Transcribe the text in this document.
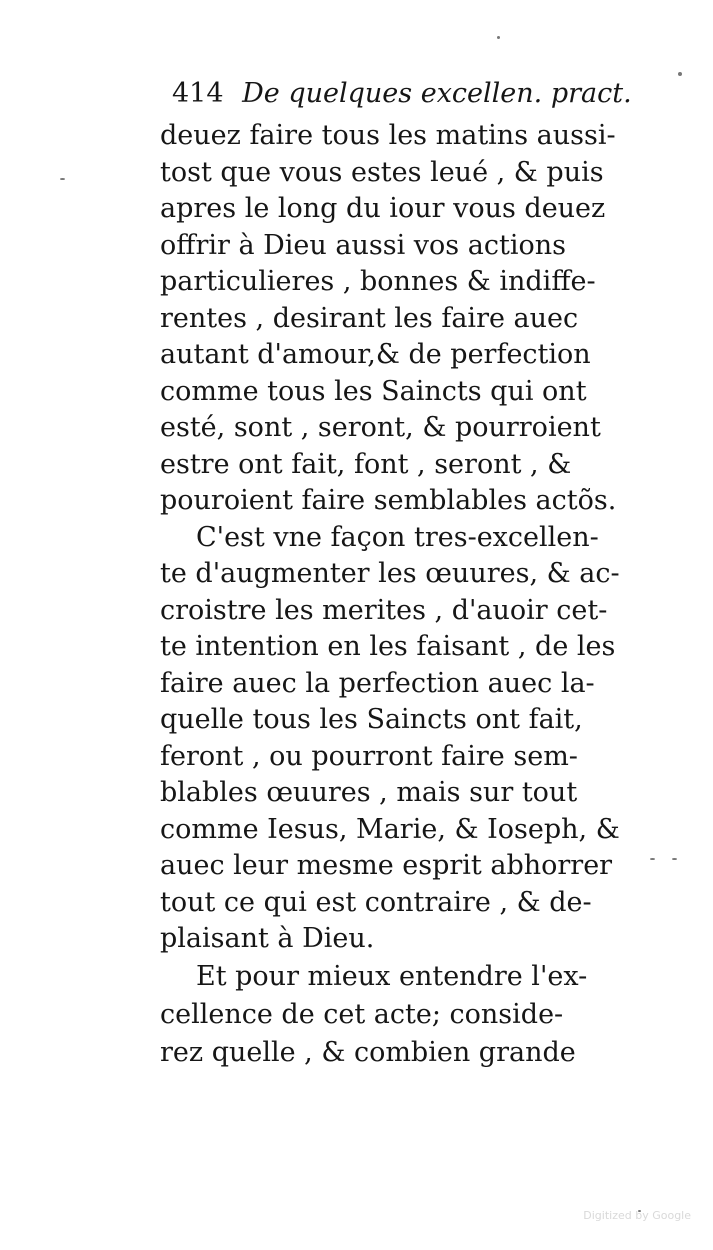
414 De quelques excellen. pract.
deuez faire tous les matins aussi-
tost que vous estes leué , & puis
apres le long du iour vous deuez
offrir à Dieu aussi vos actions
particulieres , bonnes & indiffe-
rentes , desirant les faire auec
autant d'amour,& de perfection
comme tous les Saincts qui ont
esté, sont , seront, & pourroient
estre ont fait, font , seront , &
pouroient faire semblables actõs.
C'est vne façon tres-excellen-
te d'augmenter les œuures, & ac-
croistre les merites , d'auoir cet-
te intention en les faisant , de les
faire auec la perfection auec la-
quelle tous les Saincts ont fait,
feront , ou pourront faire sem-
blables œuures , mais sur tout
comme Iesus, Marie, & Ioseph, &
auec leur mesme esprit abhorrer
tout ce qui est contraire , & de-
plaisant à Dieu.
Et pour mieux entendre l'ex-
cellence de cet acte; conside-
rez quelle , & combien grande
Digitized by Google
